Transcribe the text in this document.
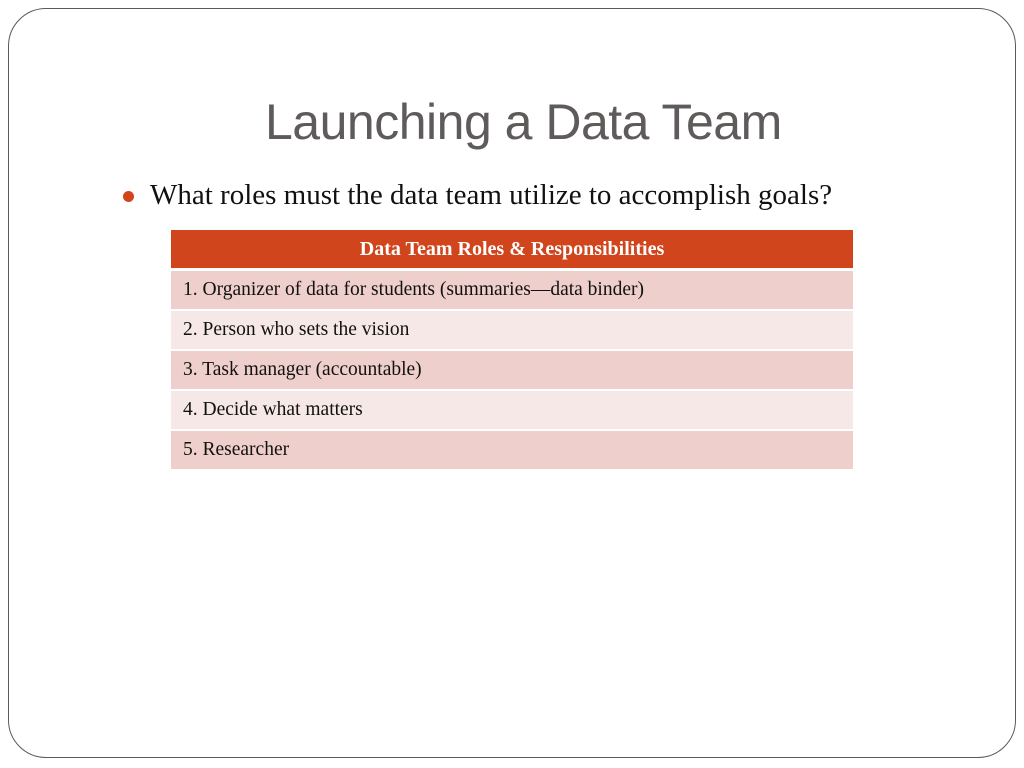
Launching a Data Team
What roles must the data team utilize to accomplish goals?
Data Team Roles & Responsibilities
1. Organizer of data for students (summaries—data binder)
2. Person who sets the vision
3. Task manager (accountable)
4. Decide what matters
5. Researcher
